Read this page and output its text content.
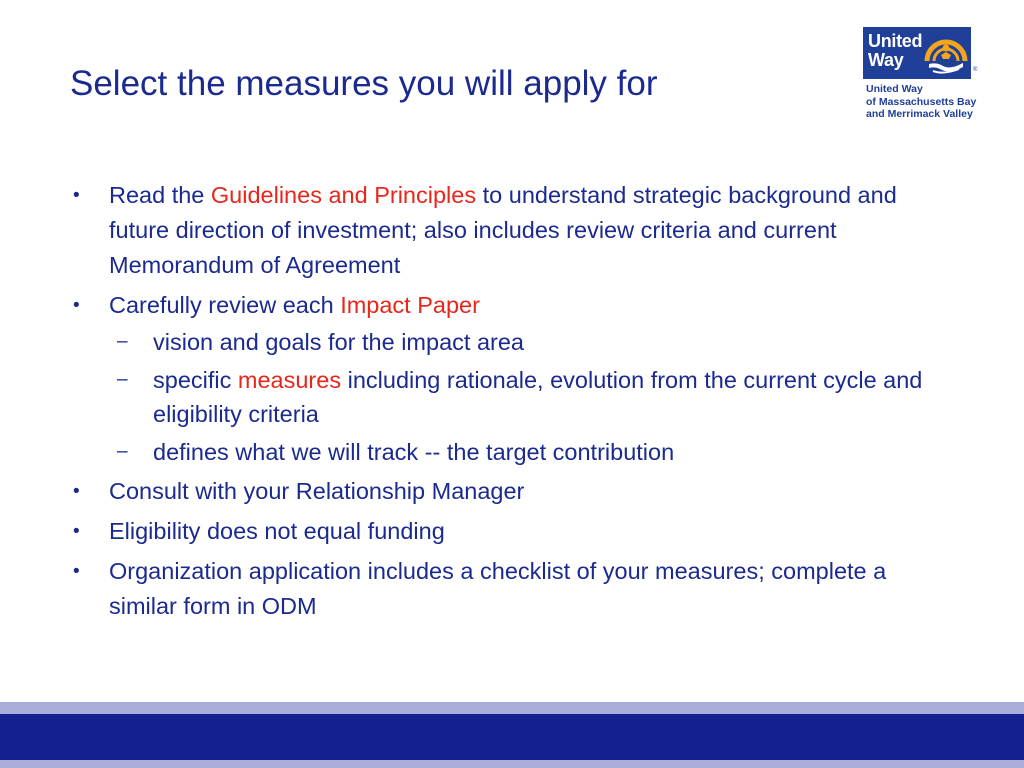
Select the measures you will apply for
United
Way	®
United Way
of Massachusetts Bay
and Merrimack Valley
• Read the Guidelines and Principles to understand strategic background and future direction of investment; also includes review criteria and current Memorandum of Agreement
• Carefully review each Impact Paper
– vision and goals for the impact area
– specific measures including rationale, evolution from the current cycle and eligibility criteria
– defines what we will track -- the target contribution
• Consult with your Relationship Manager
• Eligibility does not equal funding
• Organization application includes a checklist of your measures; complete a similar form in ODM
